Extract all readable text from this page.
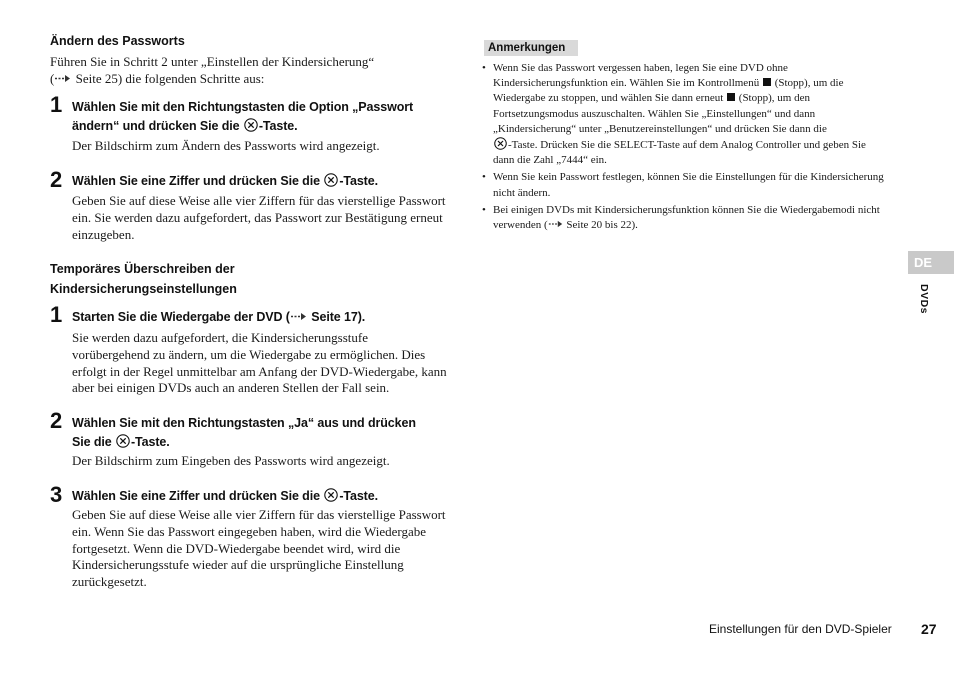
Ändern des Passworts
Führen Sie in Schritt 2 unter „Einstellen der Kindersicherung“
( Seite 25) die folgenden Schritte aus:
1 Wählen Sie mit den Richtungstasten die Option „Passwort
ändern“ und drücken Sie die -Taste.
Der Bildschirm zum Ändern des Passworts wird angezeigt.
2 Wählen Sie eine Ziffer und drücken Sie die -Taste.
Geben Sie auf diese Weise alle vier Ziffern für das vierstellige Passwort ein. Sie werden dazu aufgefordert, das Passwort zur Bestätigung erneut einzugeben.
Temporäres Überschreiben der
Kindersicherungseinstellungen
1 Starten Sie die Wiedergabe der DVD ( Seite 17).
Sie werden dazu aufgefordert, die Kindersicherungsstufe vorübergehend zu ändern, um die Wiedergabe zu ermöglichen. Dies erfolgt in der Regel unmittelbar am Anfang der DVD-Wiedergabe, kann aber bei einigen DVDs auch an anderen Stellen der Fall sein.
2 Wählen Sie mit den Richtungstasten „Ja“ aus und drücken
Sie die -Taste.
Der Bildschirm zum Eingeben des Passworts wird angezeigt.
3 Wählen Sie eine Ziffer und drücken Sie die -Taste.
Geben Sie auf diese Weise alle vier Ziffern für das vierstellige Passwort ein. Wenn Sie das Passwort eingegeben haben, wird die Wiedergabe fortgesetzt. Wenn die DVD-Wiedergabe beendet wird, wird die Kindersicherungsstufe wieder auf die ursprüngliche Einstellung zurückgesetzt.
Anmerkungen
• Wenn Sie das Passwort vergessen haben, legen Sie eine DVD ohne Kindersicherungsfunktion ein. Wählen Sie im Kontrollmenü  (Stopp), um die Wiedergabe zu stoppen, und wählen Sie dann erneut  (Stopp), um den Fortsetzungsmodus auszuschalten. Wählen Sie „Einstellungen“ und dann „Kindersicherung“ unter „Benutzereinstellungen“ und drücken Sie dann die
-Taste. Drücken Sie die SELECT-Taste auf dem Analog Controller und geben Sie dann die Zahl „7444“ ein.
• Wenn Sie kein Passwort festlegen, können Sie die Einstellungen für die Kindersicherung nicht ändern.
• Bei einigen DVDs mit Kindersicherungsfunktion können Sie die Wiedergabemodi nicht verwenden ( Seite 20 bis 22).
DE
DVDs
Einstellungen für den DVD-Spieler 27
